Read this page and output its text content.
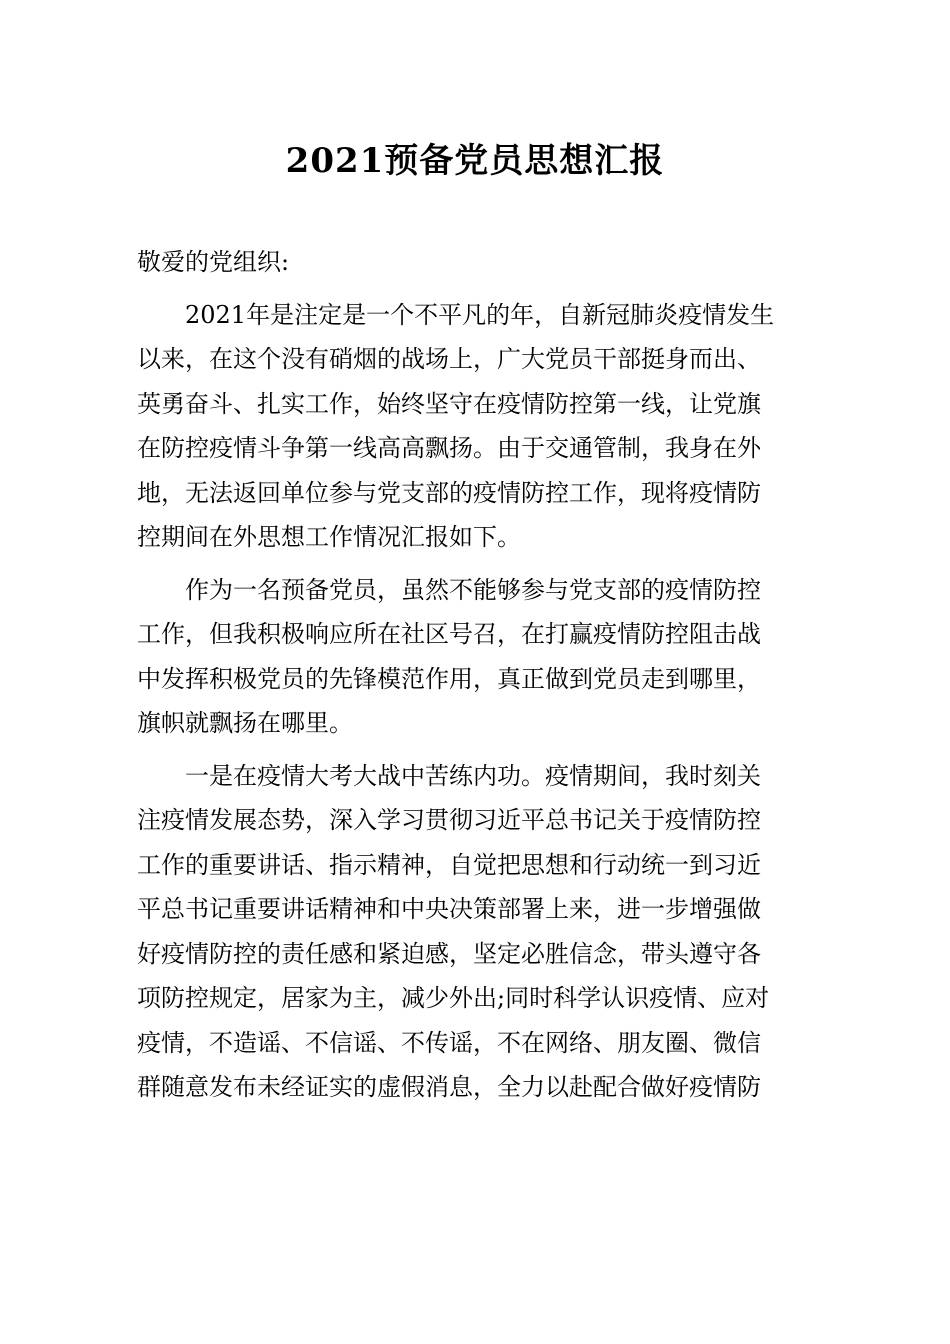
2021预备党员思想汇报
敬爱的党组织:
　　2021年是注定是一个不平凡的年，自新冠肺炎疫情发生
以来，在这个没有硝烟的战场上，广大党员干部挺身而出、
英勇奋斗、扎实工作，始终坚守在疫情防控第一线，让党旗
在防控疫情斗争第一线高高飘扬。由于交通管制，我身在外
地，无法返回单位参与党支部的疫情防控工作，现将疫情防
控期间在外思想工作情况汇报如下。
　　作为一名预备党员，虽然不能够参与党支部的疫情防控
工作，但我积极响应所在社区号召，在打赢疫情防控阻击战
中发挥积极党员的先锋模范作用，真正做到党员走到哪里，
旗帜就飘扬在哪里。
　　一是在疫情大考大战中苦练内功。疫情期间，我时刻关
注疫情发展态势，深入学习贯彻习近平总书记关于疫情防控
工作的重要讲话、指示精神，自觉把思想和行动统一到习近
平总书记重要讲话精神和中央决策部署上来，进一步增强做
好疫情防控的责任感和紧迫感，坚定必胜信念，带头遵守各
项防控规定，居家为主，减少外出;同时科学认识疫情、应对
疫情，不造谣、不信谣、不传谣，不在网络、朋友圈、微信
群随意发布未经证实的虚假消息，全力以赴配合做好疫情防
